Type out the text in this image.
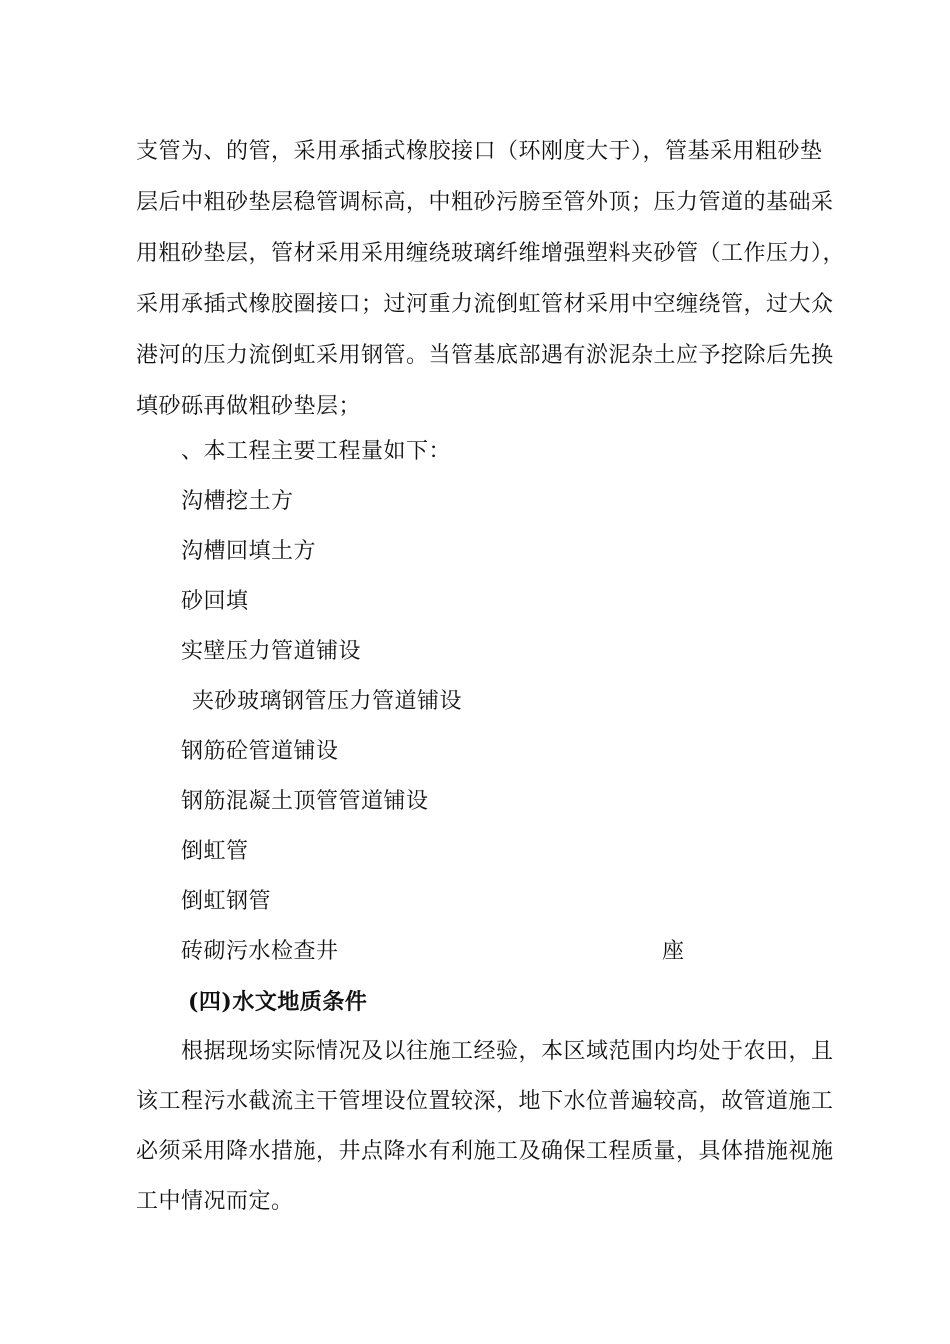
支管为、的管，采用承插式橡胶接口（环刚度大于），管基采用粗砂垫
层后中粗砂垫层稳管调标高，中粗砂污膀至管外顶；压力管道的基础采
用粗砂垫层，管材采用采用缠绕玻璃纤维增强塑料夹砂管（工作压力），
采用承插式橡胶圈接口；过河重力流倒虹管材采用中空缠绕管，过大众
港河的压力流倒虹采用钢管。当管基底部遇有淤泥杂土应予挖除后先换
填砂砾再做粗砂垫层；
、本工程主要工程量如下：
沟槽挖土方
沟槽回填土方
砂回填
实壁压力管道铺设
夹砂玻璃钢管压力管道铺设
钢筋砼管道铺设
钢筋混凝土顶管管道铺设
倒虹管
倒虹钢管
砖砌污水检查井	座
(四)水文地质条件
根据现场实际情况及以往施工经验，本区域范围内均处于农田，且
该工程污水截流主干管埋设位置较深，地下水位普遍较高，故管道施工
必须采用降水措施，井点降水有利施工及确保工程质量，具体措施视施
工中情况而定。
